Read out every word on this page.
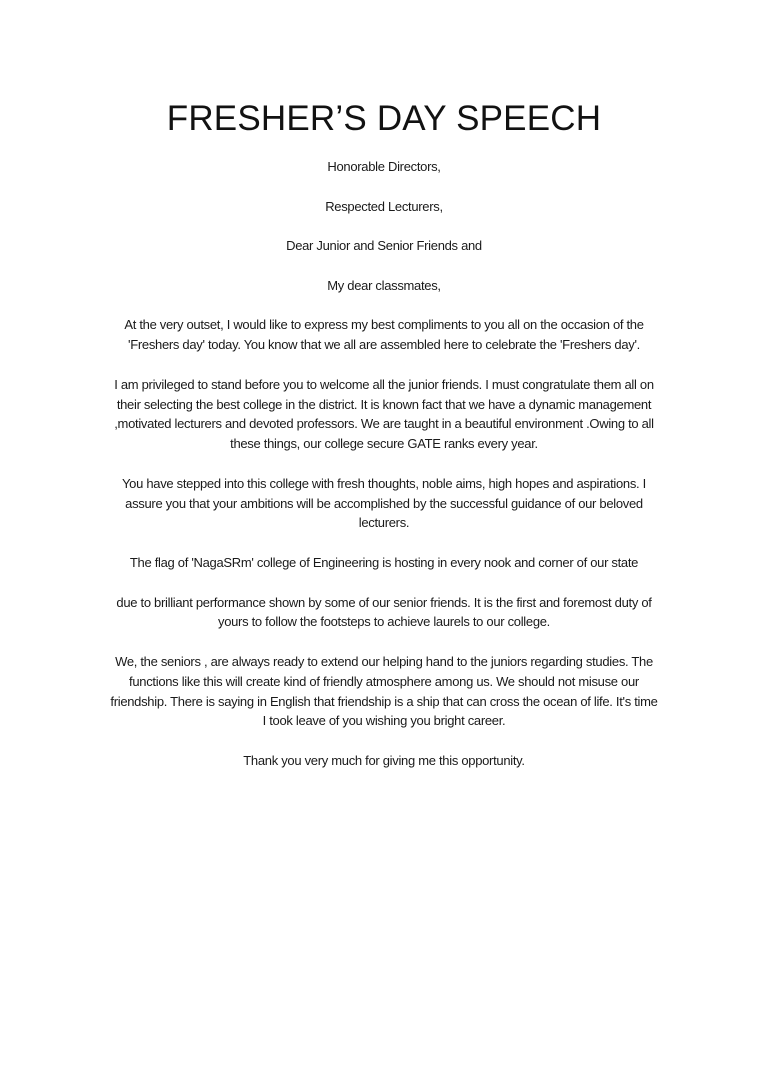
FRESHER’S DAY SPEECH
Honorable Directors,
Respected Lecturers,
Dear Junior and Senior Friends and
My dear classmates,
At the very outset, I would like to express my best compliments to you all on the occasion of the
'Freshers day' today. You know that we all are assembled here to celebrate the 'Freshers day'.
I am privileged to stand before you to welcome all the junior friends. I must congratulate them all on
their selecting the best college in the district. It is known fact that we have a dynamic management
,motivated lecturers and devoted professors. We are taught in a beautiful environment .Owing to all
these things, our college secure GATE ranks every year.
You have stepped into this college with fresh thoughts, noble aims, high hopes and aspirations. I
assure you that your ambitions will be accomplished by the successful guidance of our beloved
lecturers.
The flag of 'NagaSRm' college of Engineering is hosting in every nook and corner of our state
due to brilliant performance shown by some of our senior friends. It is the first and foremost duty of
yours to follow the footsteps to achieve laurels to our college.
We, the seniors , are always ready to extend our helping hand to the juniors regarding studies. The
functions like this will create kind of friendly atmosphere among us. We should not misuse our
friendship. There is saying in English that friendship is a ship that can cross the ocean of life. It's time
I took leave of you wishing you bright career.
Thank you very much for giving me this opportunity.
